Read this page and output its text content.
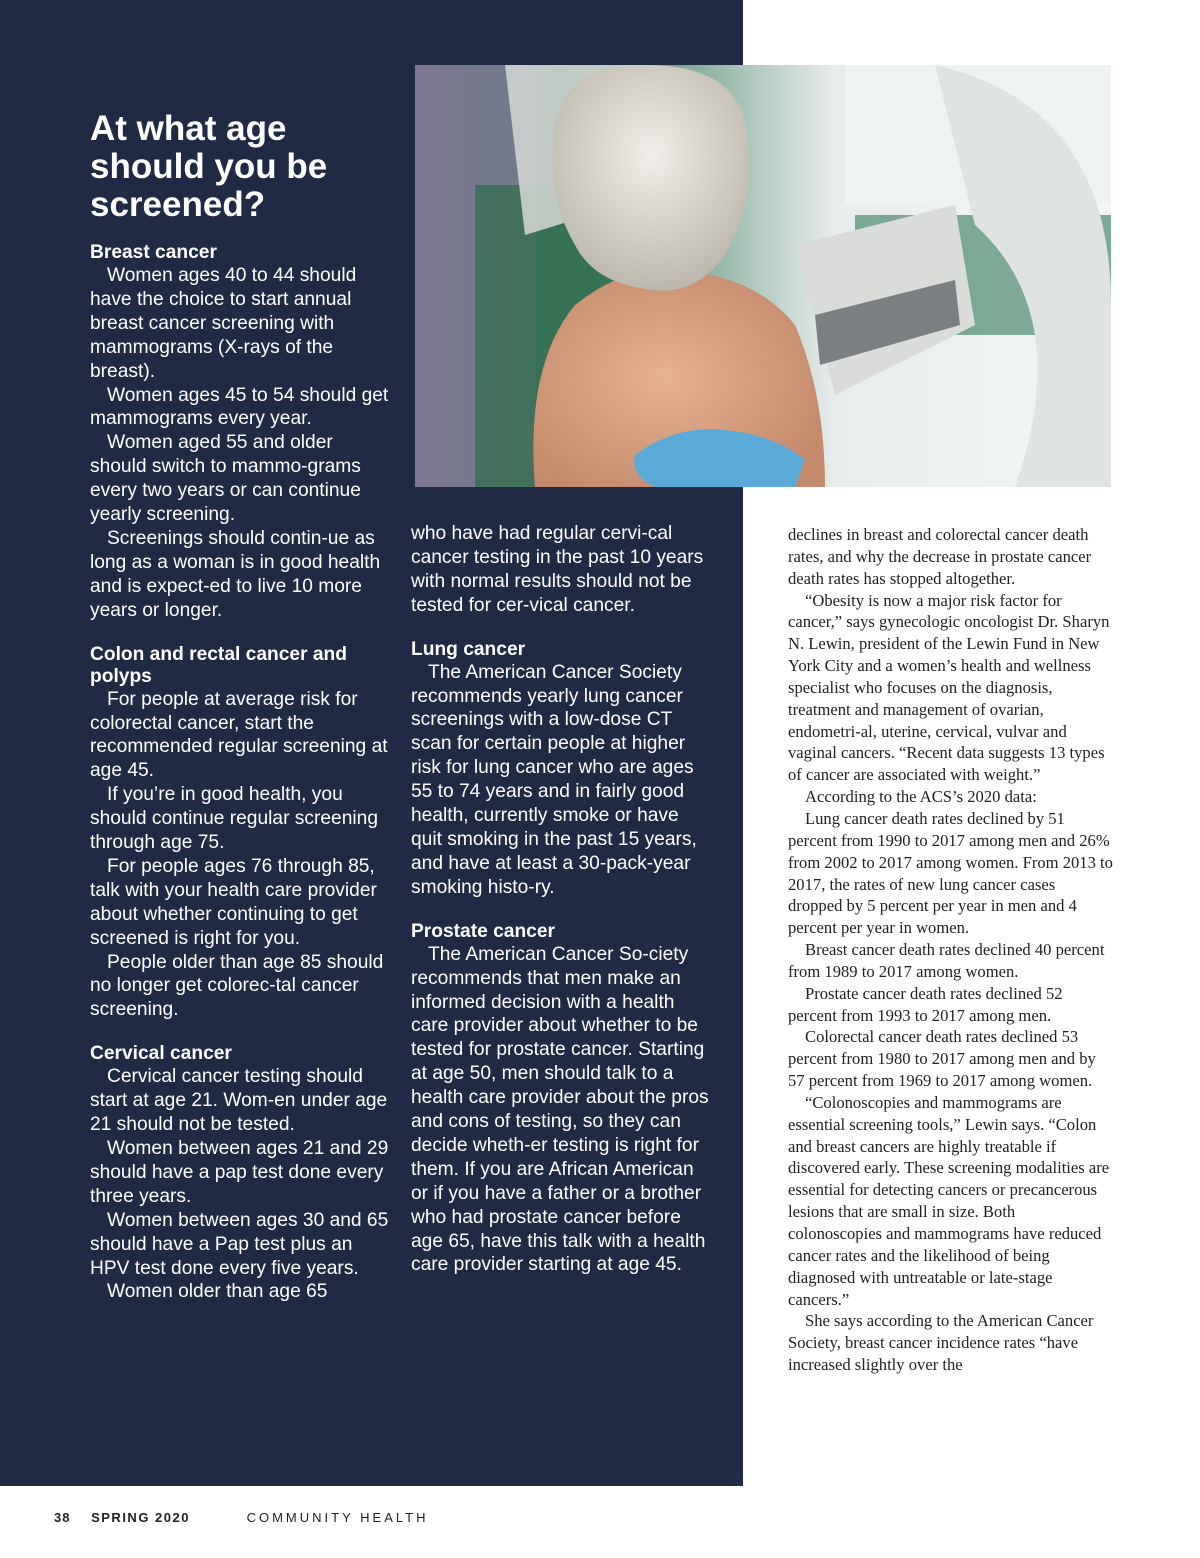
At what age should you be screened?
Breast cancer

Women ages 40 to 44 should have the choice to start annual breast cancer screening with mammograms (X-rays of the breast).

Women ages 45 to 54 should get mammograms every year.

Women aged 55 and older should switch to mammo-grams every two years or can continue yearly screening.

Screenings should contin-ue as long as a woman is in good health and is expect-ed to live 10 more years or longer.

Colon and rectal cancer and polyps

For people at average risk for colorectal cancer, start the recommended regular screening at age 45.

If you’re in good health, you should continue regular screening through age 75.

For people ages 76 through 85, talk with your health care provider about whether continuing to get screened is right for you.

People older than age 85 should no longer get colorec-tal cancer screening.

Cervical cancer

Cervical cancer testing should start at age 21. Wom-en under age 21 should not be tested.

Women between ages 21 and 29 should have a pap test done every three years.

Women between ages 30 and 65 should have a Pap test plus an HPV test done every five years.

Women older than age 65

who have had regular cervi-cal cancer testing in the past 10 years with normal results should not be tested for cer-vical cancer.

Lung cancer

The American Cancer Society recommends yearly lung cancer screenings with a low-dose CT scan for certain people at higher risk for lung cancer who are ages 55 to 74 years and in fairly good health, currently smoke or have quit smoking in the past 15 years, and have at least a 30-pack-year smoking histo-ry.

Prostate cancer

The American Cancer So-ciety recommends that men make an informed decision with a health care provider about whether to be tested for prostate cancer. Starting at age 50, men should talk to a health care provider about the pros and cons of testing, so they can decide wheth-er testing is right for them. If you are African American or if you have a father or a brother who had prostate cancer before age 65, have this talk with a health care provider starting at age 45.

declines in breast and colorectal cancer death rates, and why the decrease in prostate cancer death rates has stopped altogether.

“Obesity is now a major risk factor for cancer,” says gynecologic oncologist Dr. Sharyn N. Lewin, president of the Lewin Fund in New York City and a women’s health and wellness specialist who focuses on the diagnosis, treatment and management of ovarian, endometri-al, uterine, cervical, vulvar and vaginal cancers. “Recent data suggests 13 types of cancer are associated with weight.”

According to the ACS’s 2020 data:

Lung cancer death rates declined by 51 percent from 1990 to 2017 among men and 26% from 2002 to 2017 among women. From 2013 to 2017, the rates of new lung cancer cases dropped by 5 percent per year in men and 4 percent per year in women.

Breast cancer death rates declined 40 percent from 1989 to 2017 among women.

Prostate cancer death rates declined 52 percent from 1993 to 2017 among men.

Colorectal cancer death rates declined 53 percent from 1980 to 2017 among men and by 57 percent from 1969 to 2017 among women.

“Colonoscopies and mammograms are essential screening tools,” Lewin says. “Colon and breast cancers are highly treatable if discovered early. These screening modalities are essential for detecting cancers or precancerous lesions that are small in size. Both colonoscopies and mammograms have reduced cancer rates and the likelihood of being diagnosed with untreatable or late-stage cancers.”

She says according to the American Cancer Society, breast cancer incidence rates “have increased slightly over the

38 SPRING 2020	COMMUNITY HEALTH
